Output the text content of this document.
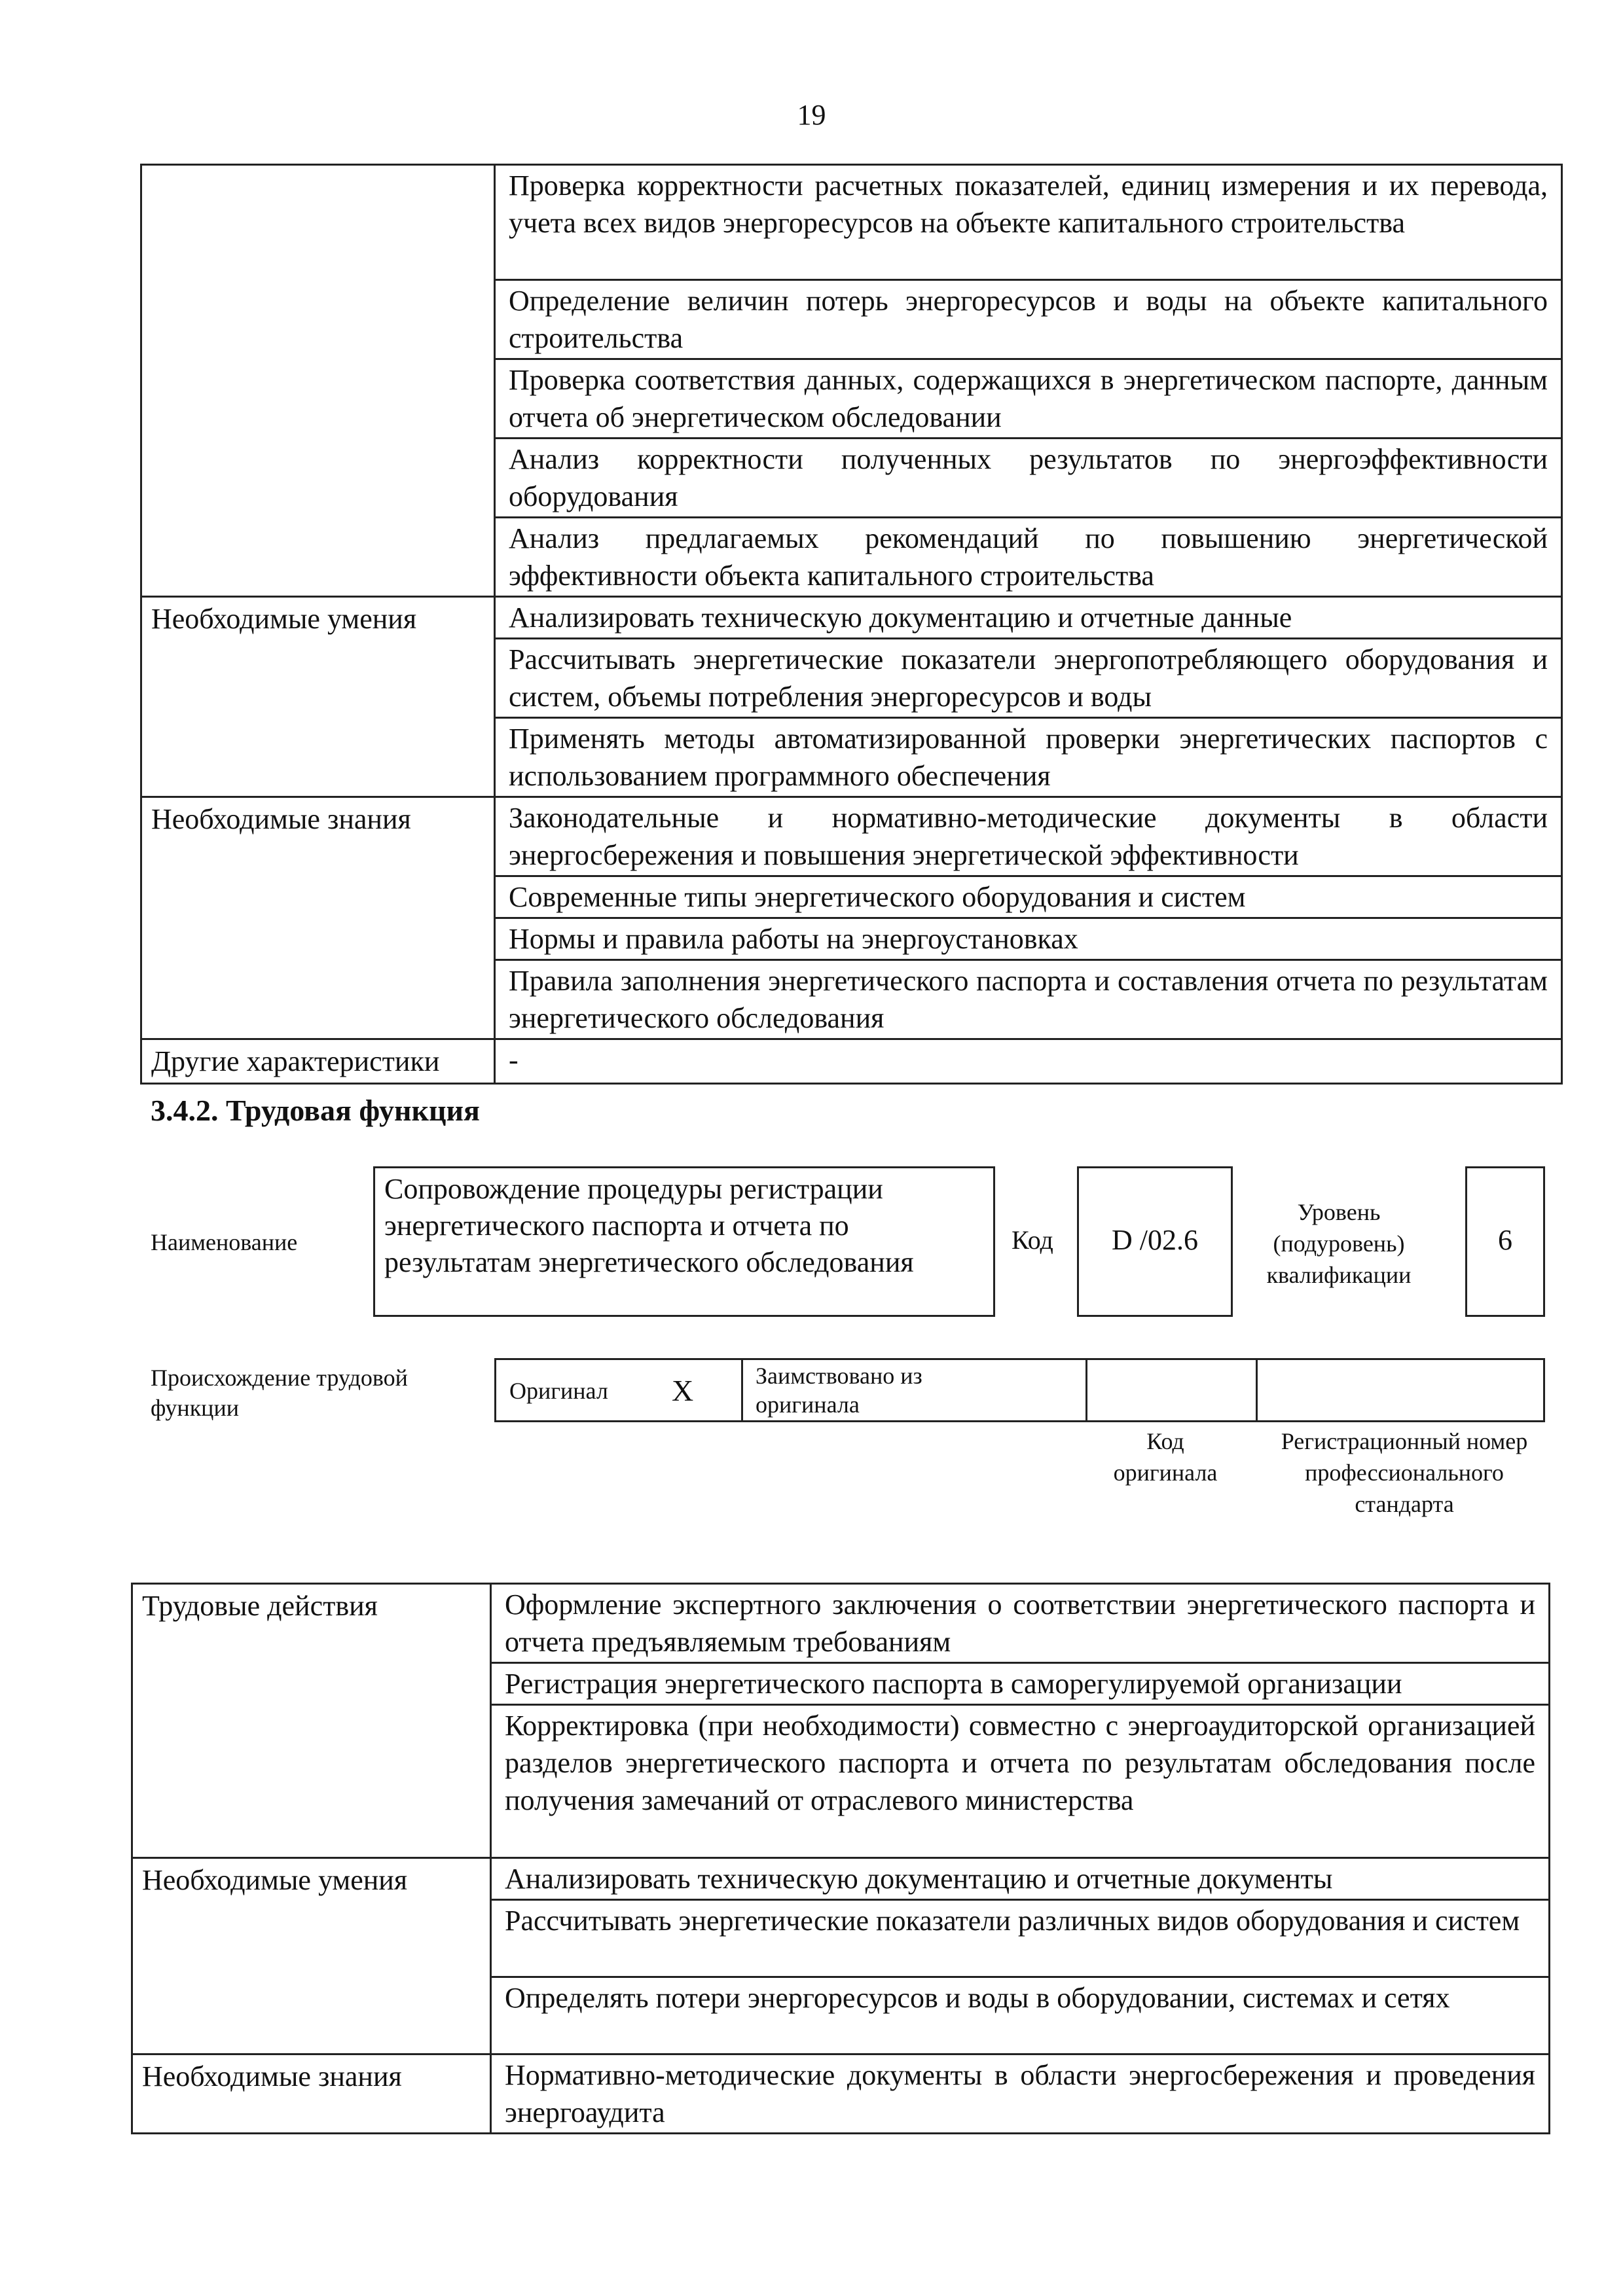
19
	Проверка корректности расчетных показателей, единиц измерения и их перевода, учета всех видов энергоресурсов на объекте капитального строительства
	Определение величин потерь энергоресурсов и воды на объекте капитального строительства
	Проверка соответствия данных, содержащихся в энергетическом паспорте, данным отчета об энергетическом обследовании
	Анализ корректности полученных результатов по энергоэффективности оборудования
	Анализ предлагаемых рекомендаций по повышению энергетической эффективности объекта капитального строительства
Необходимые умения	Анализировать техническую документацию и отчетные данные
	Рассчитывать энергетические показатели энергопотребляющего оборудования и систем, объемы потребления энергоресурсов и воды
	Применять методы автоматизированной проверки энергетических паспортов с использованием программного обеспечения
Необходимые знания	Законодательные и нормативно-методические документы в области энергосбережения и повышения энергетической эффективности
	Современные типы энергетического оборудования и систем
	Нормы и правила работы на энергоустановках
	Правила заполнения энергетического паспорта и составления отчета по результатам энергетического обследования
Другие характеристики	-
3.4.2. Трудовая функция
Наименование
Сопровождение процедуры регистрации энергетического паспорта и отчета по результатам энергетического обследования
Код	D /02.6
Уровень (подуровень) квалификации
6
Происхождение трудовой функции
Оригинал X	Заимствовано из оригинала
Код оригинала
Регистрационный номер профессионального стандарта
Трудовые действия	Оформление экспертного заключения о соответствии энергетического паспорта и отчета предъявляемым требованиям
	Регистрация энергетического паспорта в саморегулируемой организации
	Корректировка (при необходимости) совместно с энергоаудиторской организацией разделов энергетического паспорта и отчета по результатам обследования после получения замечаний от отраслевого министерства
Необходимые умения	Анализировать техническую документацию и отчетные документы
	Рассчитывать энергетические показатели различных видов оборудования и систем
	Определять потери энергоресурсов и воды в оборудовании, системах и сетях
Необходимые знания	Нормативно-методические документы в области энергосбережения и проведения энергоаудита
